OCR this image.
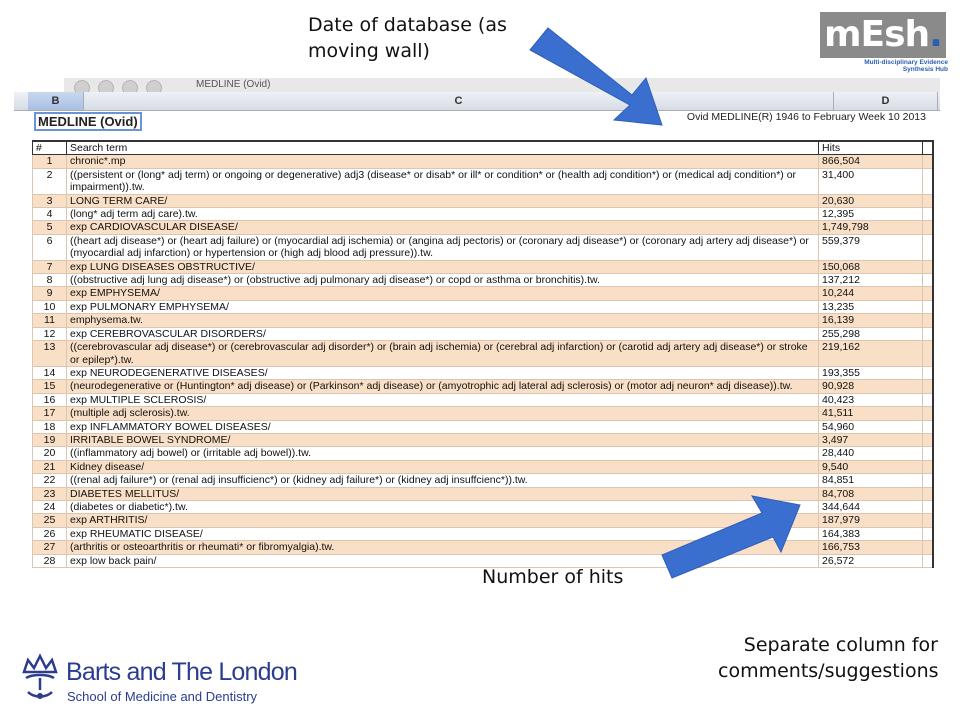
Date of database (as moving wall)	mEsh.
Multi-disciplinary Evidence
Synthesis Hub
MEDLINE (Ovid)
B	C	D
MEDLINE (Ovid)	Ovid MEDLINE(R) 1946 to February Week 10 2013
#	Search term	Hits	
1	chronic*.mp	866,504	
2	((persistent or (long* adj term) or ongoing or degenerative) adj3 (disease* or disab* or ill* or condition* or (health adj condition*) or (medical adj condition*) or impairment)).tw.	31,400	
3	LONG TERM CARE/	20,630	
4	(long* adj term adj care).tw.	12,395	
5	exp CARDIOVASCULAR DISEASE/	1,749,798	
6	((heart adj disease*) or (heart adj failure) or (myocardial adj ischemia) or (angina adj pectoris) or (coronary adj disease*) or (coronary adj artery adj disease*) or (myocardial adj infarction) or hypertension or (high adj blood adj pressure)).tw.	559,379	
7	exp LUNG DISEASES OBSTRUCTIVE/	150,068	
8	((obstructive adj lung adj disease*) or (obstructive adj pulmonary adj disease*) or copd or asthma or bronchitis).tw.	137,212	
9	exp EMPHYSEMA/	10,244	
10	exp PULMONARY EMPHYSEMA/	13,235	
11	emphysema.tw.	16,139	
12	exp CEREBROVASCULAR DISORDERS/	255,298	
13	((cerebrovascular adj disease*) or (cerebrovascular adj disorder*) or (brain adj ischemia) or (cerebral adj infarction) or (carotid adj artery adj disease*) or stroke or epilep*).tw.	219,162	
14	exp NEURODEGENERATIVE DISEASES/	193,355	
15	(neurodegenerative or (Huntington* adj disease) or (Parkinson* adj disease) or (amyotrophic adj lateral adj sclerosis) or (motor adj neuron* adj disease)).tw.	90,928	
16	exp MULTIPLE SCLEROSIS/	40,423	
17	(multiple adj sclerosis).tw.	41,511	
18	exp INFLAMMATORY BOWEL DISEASES/	54,960	
19	IRRITABLE BOWEL SYNDROME/	3,497	
20	((inflammatory adj bowel) or (irritable adj bowel)).tw.	28,440	
21	Kidney disease/	9,540	
22	((renal adj failure*) or (renal adj insufficienc*) or (kidney adj failure*) or (kidney adj insuffcienc*)).tw.	84,851	
23	DIABETES MELLITUS/	84,708	
24	(diabetes or diabetic*).tw.	344,644	
25	exp ARTHRITIS/	187,979	
26	exp RHEUMATIC DISEASE/	164,383	
27	(arthritis or osteoarthritis or rheumati* or fibromyalgia).tw.	166,753	
28	exp low back pain/	26,572	
Number of hits
Separate column for comments/suggestions
Barts and The London
School of Medicine and Dentistry
